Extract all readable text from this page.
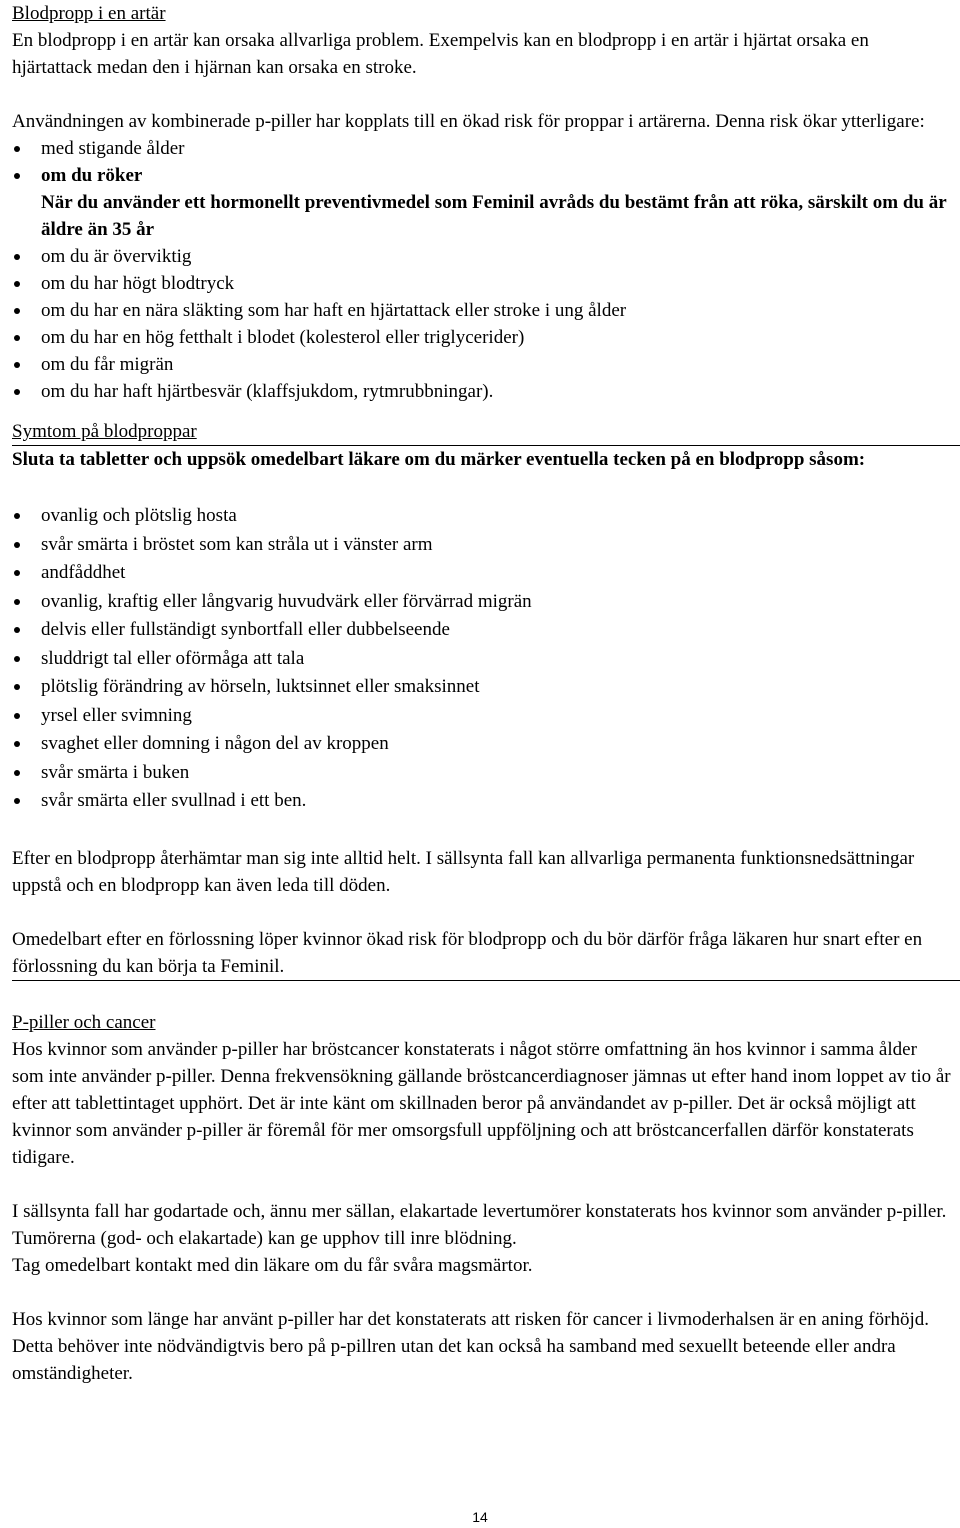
Blodpropp i en artär

En blodpropp i en artär kan orsaka allvarliga problem. Exempelvis kan en blodpropp i en artär i hjärtat orsaka en hjärtattack medan den i hjärnan kan orsaka en stroke.

Användningen av kombinerade p-piller har kopplats till en ökad risk för proppar i artärerna. Denna risk ökar ytterligare:

med stigande ålder
om du röker
När du använder ett hormonellt preventivmedel som Feminil avråds du bestämt från att röka, särskilt om du är äldre än 35 år
om du är överviktig
om du har högt blodtryck
om du har en nära släkting som har haft en hjärtattack eller stroke i ung ålder
om du har en hög fetthalt i blodet (kolesterol eller triglycerider)
om du får migrän
om du har haft hjärtbesvär (klaffsjukdom, rytmrubbningar).

Symtom på blodproppar

Sluta ta tabletter och uppsök omedelbart läkare om du märker eventuella tecken på en blodpropp såsom:

ovanlig och plötslig hosta
svår smärta i bröstet som kan stråla ut i vänster arm
andfåddhet
ovanlig, kraftig eller långvarig huvudvärk eller förvärrad migrän
delvis eller fullständigt synbortfall eller dubbelseende
sluddrigt tal eller oförmåga att tala
plötslig förändring av hörseln, luktsinnet eller smaksinnet
yrsel eller svimning
svaghet eller domning i någon del av kroppen
svår smärta i buken
svår smärta eller svullnad i ett ben.

Efter en blodpropp återhämtar man sig inte alltid helt. I sällsynta fall kan allvarliga permanenta funktionsnedsättningar uppstå och en blodpropp kan även leda till döden.

Omedelbart efter en förlossning löper kvinnor ökad risk för blodpropp och du bör därför fråga läkaren hur snart efter en förlossning du kan börja ta Feminil.

P-piller och cancer

Hos kvinnor som använder p-piller har bröstcancer konstaterats i något större omfattning än hos kvinnor i samma ålder som inte använder p-piller. Denna frekvensökning gällande bröstcancerdiagnoser jämnas ut efter hand inom loppet av tio år efter att tablettintaget upphört. Det är inte känt om skillnaden beror på användandet av p-piller. Det är också möjligt att kvinnor som använder p-piller är föremål för mer omsorgsfull uppföljning och att bröstcancerfallen därför konstaterats tidigare.

I sällsynta fall har godartade och, ännu mer sällan, elakartade levertumörer konstaterats hos kvinnor som använder p-piller. Tumörerna (god- och elakartade) kan ge upphov till inre blödning.

Tag omedelbart kontakt med din läkare om du får svåra magsmärtor.

Hos kvinnor som länge har använt p-piller har det konstaterats att risken för cancer i livmoderhalsen är en aning förhöjd. Detta behöver inte nödvändigtvis bero på p-pillren utan det kan också ha samband med sexuellt beteende eller andra omständigheter.

14
